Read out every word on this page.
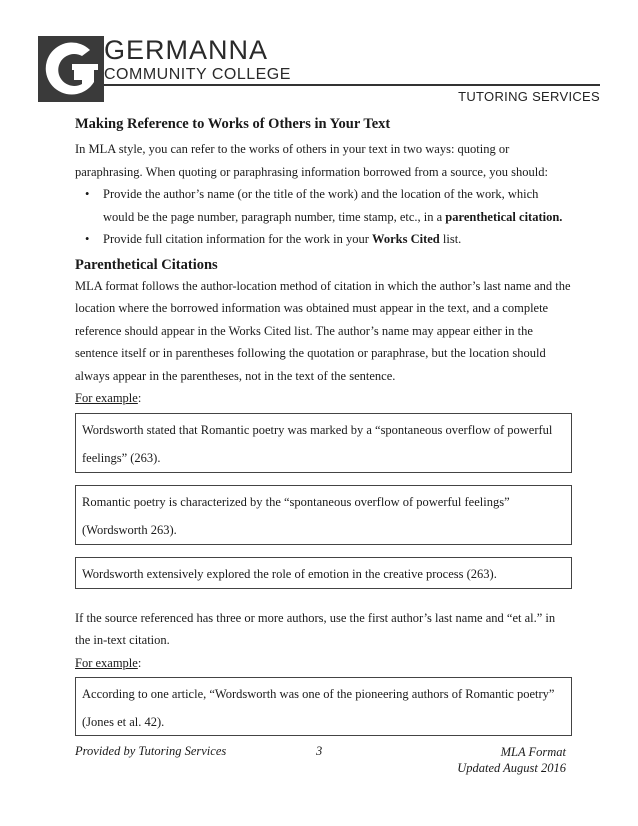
GERMANNA
COMMUNITY COLLEGE
TUTORING SERVICES
Making Reference to Works of Others in Your Text

In MLA style, you can refer to the works of others in your text in two ways: quoting or paraphrasing. When quoting or paraphrasing information borrowed from a source, you should:

• Provide the author’s name (or the title of the work) and the location of the work, which would be the page number, paragraph number, time stamp, etc., in a parenthetical citation.
• Provide full citation information for the work in your Works Cited list.
Parenthetical Citations

MLA format follows the author-location method of citation in which the author’s last name and the location where the borrowed information was obtained must appear in the text, and a complete reference should appear in the Works Cited list. The author’s name may appear either in the sentence itself or in parentheses following the quotation or paraphrase, but the location should always appear in the parentheses, not in the text of the sentence.

For example:

Wordsworth stated that Romantic poetry was marked by a “spontaneous overflow of powerful feelings” (263).
Romantic poetry is characterized by the “spontaneous overflow of powerful feelings” (Wordsworth 263).
Wordsworth extensively explored the role of emotion in the creative process (263).

If the source referenced has three or more authors, use the first author’s last name and “et al.” in the in-text citation.

For example:

According to one article, “Wordsworth was one of the pioneering authors of Romantic poetry” (Jones et al. 42).
Provided by Tutoring Services	3	MLA Format
Updated August 2016
